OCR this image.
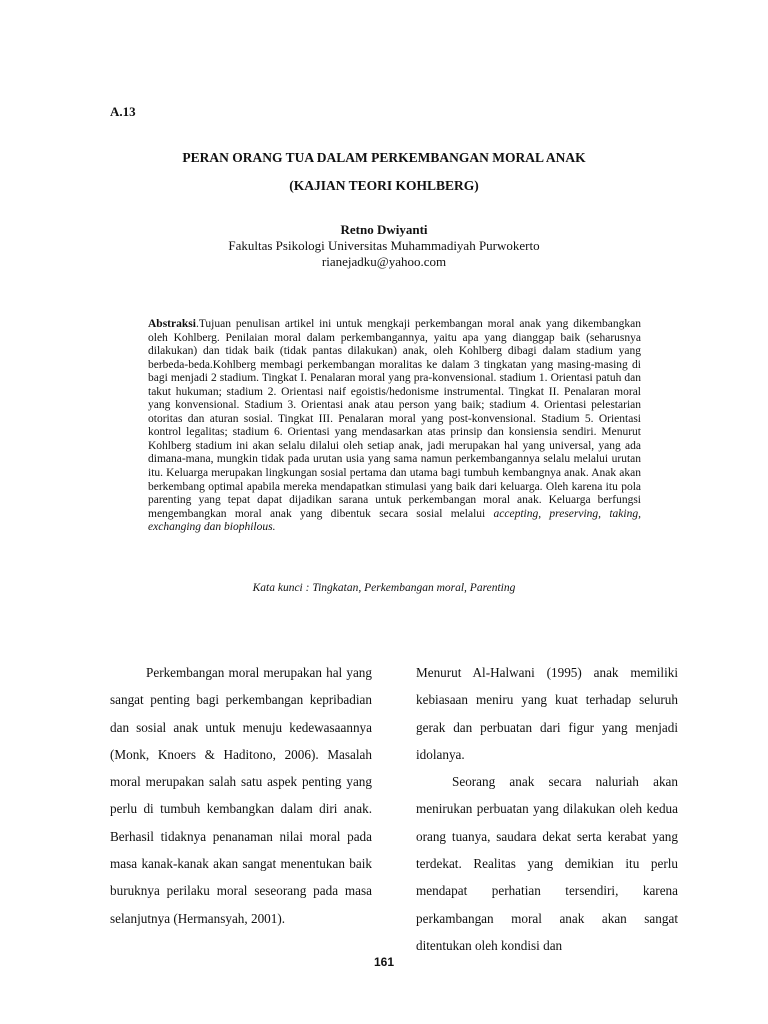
A.13
PERAN ORANG TUA DALAM PERKEMBANGAN MORAL ANAK
(KAJIAN TEORI KOHLBERG)
Retno Dwiyanti
Fakultas Psikologi Universitas Muhammadiyah Purwokerto
rianejadku@yahoo.com
Abstraksi.Tujuan penulisan artikel ini untuk mengkaji perkembangan moral anak yang dikembangkan oleh Kohlberg. Penilaian moral dalam perkembangannya, yaitu apa yang dianggap baik (seharusnya dilakukan) dan tidak baik (tidak pantas dilakukan) anak, oleh Kohlberg dibagi dalam stadium yang berbeda-beda.Kohlberg membagi perkembangan moralitas ke dalam 3 tingkatan yang masing-masing di bagi menjadi 2 stadium. Tingkat I. Penalaran moral yang pra-konvensional. stadium 1. Orientasi patuh dan takut hukuman; stadium 2. Orientasi naif egoistis/hedonisme instrumental. Tingkat II. Penalaran moral yang konvensional. Stadium 3. Orientasi anak atau person yang baik; stadium 4. Orientasi pelestarian otoritas dan aturan sosial. Tingkat III. Penalaran moral yang post-konvensional. Stadium 5. Orientasi kontrol legalitas; stadium 6. Orientasi yang mendasarkan atas prinsip dan konsiensia sendiri. Menurut Kohlberg stadium ini akan selalu dilalui oleh setiap anak, jadi merupakan hal yang universal, yang ada dimana-mana, mungkin tidak pada urutan usia yang sama namun perkembangannya selalu melalui urutan itu. Keluarga merupakan lingkungan sosial pertama dan utama bagi tumbuh kembangnya anak. Anak akan berkembang optimal apabila mereka mendapatkan stimulasi yang baik dari keluarga. Oleh karena itu pola parenting yang tepat dapat dijadikan sarana untuk perkembangan moral anak. Keluarga berfungsi mengembangkan moral anak yang dibentuk secara sosial melalui accepting, preserving, taking, exchanging dan biophilous.
Kata kunci : Tingkatan, Perkembangan moral, Parenting

Perkembangan moral merupakan hal yang sangat penting bagi perkembangan kepribadian dan sosial anak untuk menuju kedewasaannya (Monk, Knoers & Haditono, 2006). Masalah moral merupakan salah satu aspek penting yang perlu di tumbuh kembangkan dalam diri anak. Berhasil tidaknya penanaman nilai moral pada masa kanak-kanak akan sangat menentukan baik buruknya perilaku moral seseorang pada masa selanjutnya (Hermansyah, 2001).

Menurut Al-Halwani (1995) anak memiliki kebiasaan meniru yang kuat terhadap seluruh gerak dan perbuatan dari figur yang menjadi idolanya.

Seorang anak secara naluriah akan menirukan perbuatan yang dilakukan oleh kedua orang tuanya, saudara dekat serta kerabat yang terdekat. Realitas yang demikian itu perlu mendapat perhatian tersendiri, karena perkambangan moral anak akan sangat ditentukan oleh kondisi dan

161
